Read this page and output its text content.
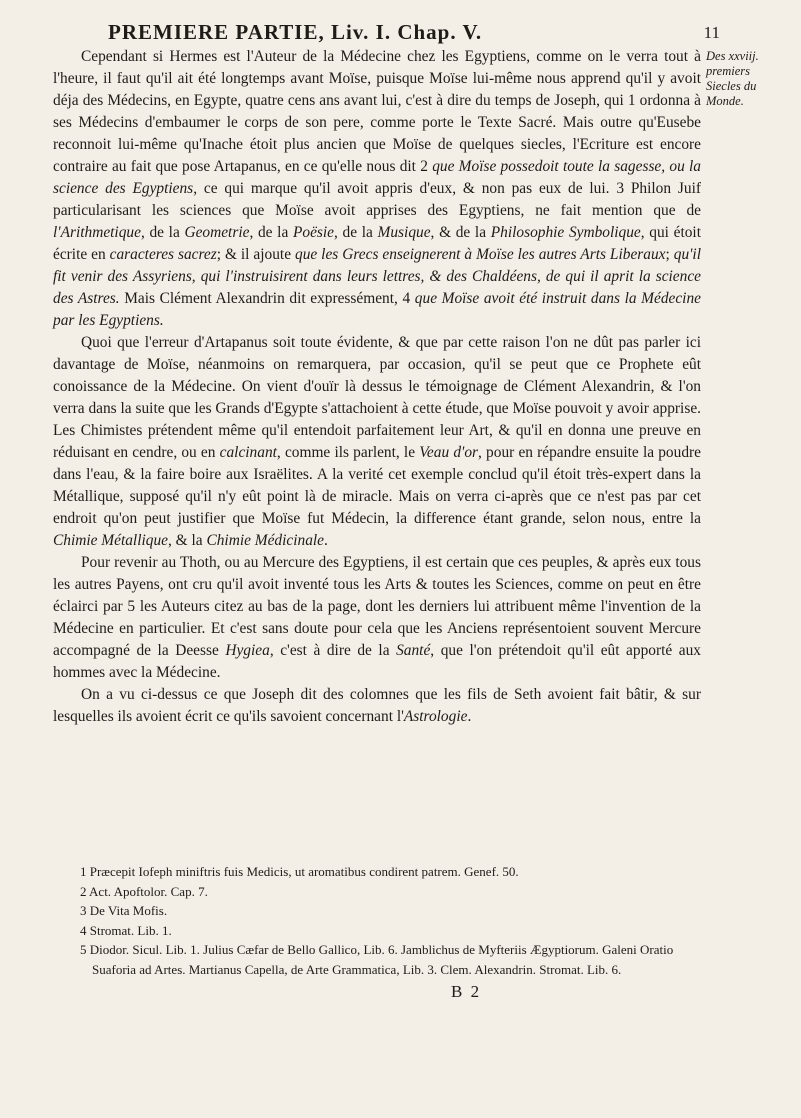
PREMIERE PARTIE, Liv. I. Chap. V.	11
Des xxviij. premiers Siecles du Monde.

Cependant si Hermes est l'Auteur de la Médecine chez les Egyptiens, comme on le verra tout à l'heure, il faut qu'il ait été longtemps avant Moïse, puisque Moïse lui-même nous apprend qu'il y avoit déja des Médecins, en Egypte, quatre cens ans avant lui, c'est à dire du temps de Joseph, qui 1 ordonna à ses Médecins d'embaumer le corps de son pere, comme porte le Texte Sacré. Mais outre qu'Eusebe reconnoit lui-même qu'Inache étoit plus ancien que Moïse de quelques siecles, l'Ecriture est encore contraire au fait que pose Artapanus, en ce qu'elle nous dit 2 que Moïse possedoit toute la sagesse, ou la science des Egyptiens, ce qui marque qu'il avoit appris d'eux, & non pas eux de lui. 3 Philon Juif particularisant les sciences que Moïse avoit apprises des Egyptiens, ne fait mention que de l'Arithmetique, de la Geometrie, de la Poësie, de la Musique, & de la Philosophie Symbolique, qui étoit écrite en caracteres sacrez; & il ajoute que les Grecs enseignerent à Moïse les autres Arts Liberaux; qu'il fit venir des Assyriens, qui l'instruisirent dans leurs lettres, & des Chaldéens, de qui il aprit la science des Astres. Mais Clément Alexandrin dit expressément, 4 que Moïse avoit été instruit dans la Médecine par les Egyptiens.

Quoi que l'erreur d'Artapanus soit toute évidente, & que par cette raison l'on ne dût pas parler ici davantage de Moïse, néanmoins on remarquera, par occasion, qu'il se peut que ce Prophete eût conoissance de la Médecine. On vient d'ouïr là dessus le témoignage de Clément Alexandrin, & l'on verra dans la suite que les Grands d'Egypte s'attachoient à cette étude, que Moïse pouvoit y avoir apprise. Les Chimistes prétendent même qu'il entendoit parfaitement leur Art, & qu'il en donna une preuve en réduisant en cendre, ou en calcinant, comme ils parlent, le Veau d'or, pour en répandre ensuite la poudre dans l'eau, & la faire boire aux Israëlites. A la verité cet exemple conclud qu'il étoit très-expert dans la Métallique, supposé qu'il n'y eût point là de miracle. Mais on verra ci-après que ce n'est pas par cet endroit qu'on peut justifier que Moïse fut Médecin, la difference étant grande, selon nous, entre la Chimie Métallique, & la Chimie Médicinale.

Pour revenir au Thoth, ou au Mercure des Egyptiens, il est certain que ces peuples, & après eux tous les autres Payens, ont cru qu'il avoit inventé tous les Arts & toutes les Sciences, comme on peut en être éclairci par 5 les Auteurs citez au bas de la page, dont les derniers lui attribuent même l'invention de la Médecine en particulier. Et c'est sans doute pour cela que les Anciens représentoient souvent Mercure accompagné de la Deesse Hygiea, c'est à dire de la Santé, que l'on prétendoit qu'il eût apporté aux hommes avec la Médecine.

On a vu ci-dessus ce que Joseph dit des colomnes que les fils de Seth avoient fait bâtir, & sur lesquelles ils avoient écrit ce qu'ils savoient concernant l'Astrologie.

1 Præcepit Iofeph miniftris fuis Medicis, ut aromatibus condirent patrem. Genef. 50.

2 Act. Apoftolor. Cap. 7.

3 De Vita Mofis.

4 Stromat. Lib. 1.

5 Diodor. Sicul. Lib. 1. Julius Cæfar de Bello Gallico, Lib. 6. Jamblichus de Myfteriis Ægyptiorum. Galeni Oratio Suaforia ad Artes. Martianus Capella, de Arte Grammatica, Lib. 3. Clem. Alexandrin. Stromat. Lib. 6.

B 2
